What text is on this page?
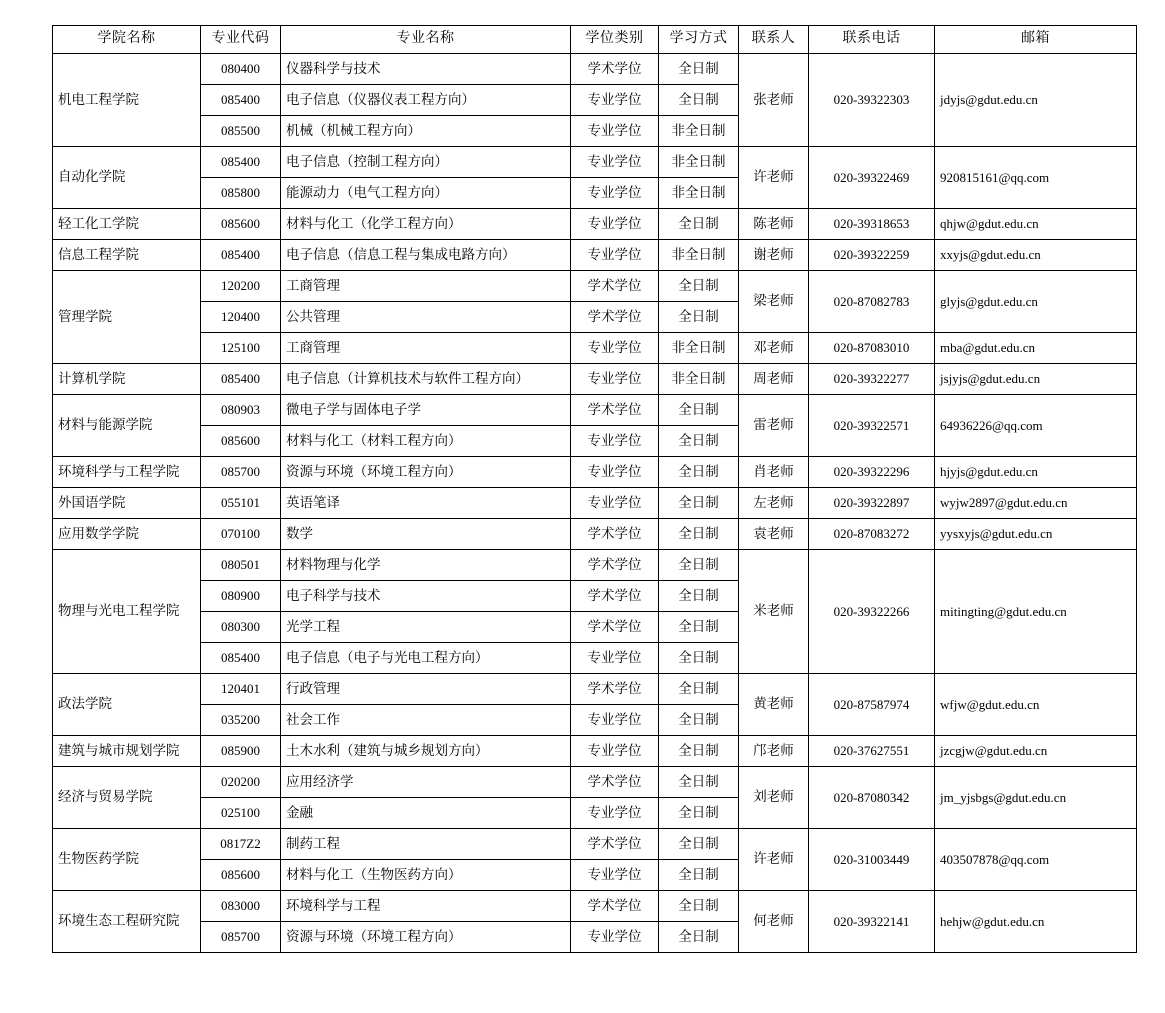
学院名称	专业代码	专业名称	学位类别	学习方式	联系人	联系电话	邮箱
机电工程学院	080400	仪器科学与技术	学术学位	全日制	张老师	020-39322303	jdyjs@gdut.edu.cn
	085400	电子信息（仪器仪表工程方向）	专业学位	全日制			
	085500	机械（机械工程方向）	专业学位	非全日制			
自动化学院	085400	电子信息（控制工程方向）	专业学位	非全日制	许老师	020-39322469	920815161@qq.com
	085800	能源动力（电气工程方向）	专业学位	非全日制			
轻工化工学院	085600	材料与化工（化学工程方向）	专业学位	全日制	陈老师	020-39318653	qhjw@gdut.edu.cn
信息工程学院	085400	电子信息（信息工程与集成电路方向）	专业学位	非全日制	谢老师	020-39322259	xxyjs@gdut.edu.cn
管理学院	120200	工商管理	学术学位	全日制	梁老师	020-87082783	glyjs@gdut.edu.cn
	120400	公共管理	学术学位	全日制			
	125100	工商管理	专业学位	非全日制	邓老师	020-87083010	mba@gdut.edu.cn
计算机学院	085400	电子信息（计算机技术与软件工程方向）	专业学位	非全日制	周老师	020-39322277	jsjyjs@gdut.edu.cn
材料与能源学院	080903	微电子学与固体电子学	学术学位	全日制	雷老师	020-39322571	64936226@qq.com
	085600	材料与化工（材料工程方向）	专业学位	全日制			
环境科学与工程学院	085700	资源与环境（环境工程方向）	专业学位	全日制	肖老师	020-39322296	hjyjs@gdut.edu.cn
外国语学院	055101	英语笔译	专业学位	全日制	左老师	020-39322897	wyjw2897@gdut.edu.cn
应用数学学院	070100	数学	学术学位	全日制	袁老师	020-87083272	yysxyjs@gdut.edu.cn
物理与光电工程学院	080501	材料物理与化学	学术学位	全日制	米老师	020-39322266	mitingting@gdut.edu.cn
	080900	电子科学与技术	学术学位	全日制			
	080300	光学工程	学术学位	全日制			
	085400	电子信息（电子与光电工程方向）	专业学位	全日制			
政法学院	120401	行政管理	学术学位	全日制	黄老师	020-87587974	wfjw@gdut.edu.cn
	035200	社会工作	专业学位	全日制			
建筑与城市规划学院	085900	土木水利（建筑与城乡规划方向）	专业学位	全日制	邝老师	020-37627551	jzcgjw@gdut.edu.cn
经济与贸易学院	020200	应用经济学	学术学位	全日制	刘老师	020-87080342	jm_yjsbgs@gdut.edu.cn
	025100	金融	专业学位	全日制			
生物医药学院	0817Z2	制药工程	学术学位	全日制	许老师	020-31003449	403507878@qq.com
	085600	材料与化工（生物医药方向）	专业学位	全日制			
环境生态工程研究院	083000	环境科学与工程	学术学位	全日制	何老师	020-39322141	hehjw@gdut.edu.cn
	085700	资源与环境（环境工程方向）	专业学位	全日制			
